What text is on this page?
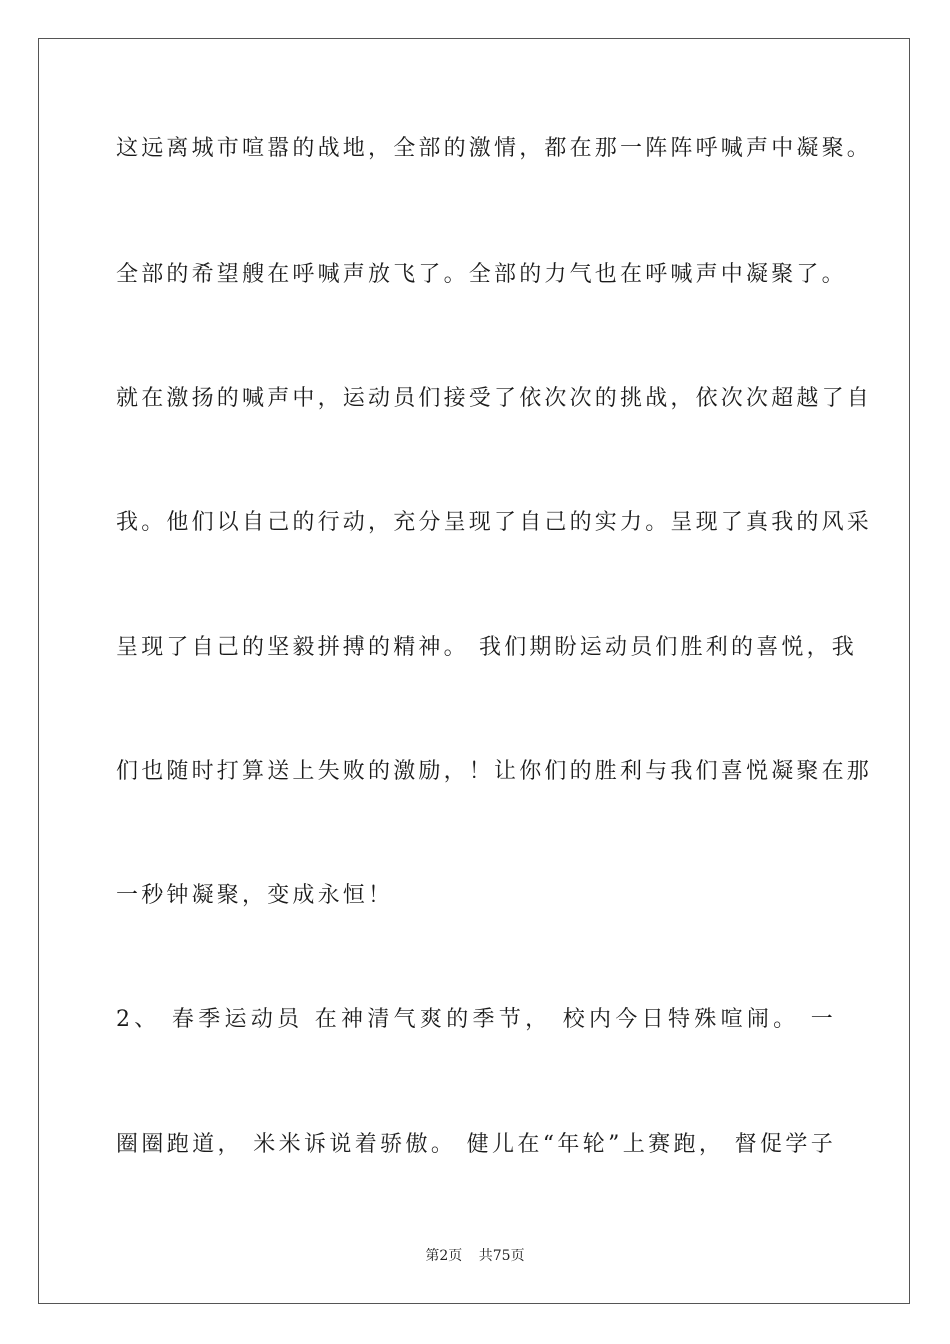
这远离城市喧嚣的战地，全部的激情，都在那一阵阵呼喊声中凝聚。
全部的希望艘在呼喊声放飞了。全部的力气也在呼喊声中凝聚了。
就在激扬的喊声中，运动员们接受了依次次的挑战，依次次超越了自
我。他们以自己的行动，充分呈现了自己的实力。呈现了真我的风采
呈现了自己的坚毅拼搏的精神。 我们期盼运动员们胜利的喜悦，我
们也随时打算送上失败的激励，！让你们的胜利与我们喜悦凝聚在那
一秒钟凝聚，变成永恒！
2、 春季运动员 在神清气爽的季节， 校内今日特殊喧闹。 一
圈圈跑道， 米米诉说着骄傲。 健儿在“年轮”上赛跑， 督促学子
第2页 共75页
